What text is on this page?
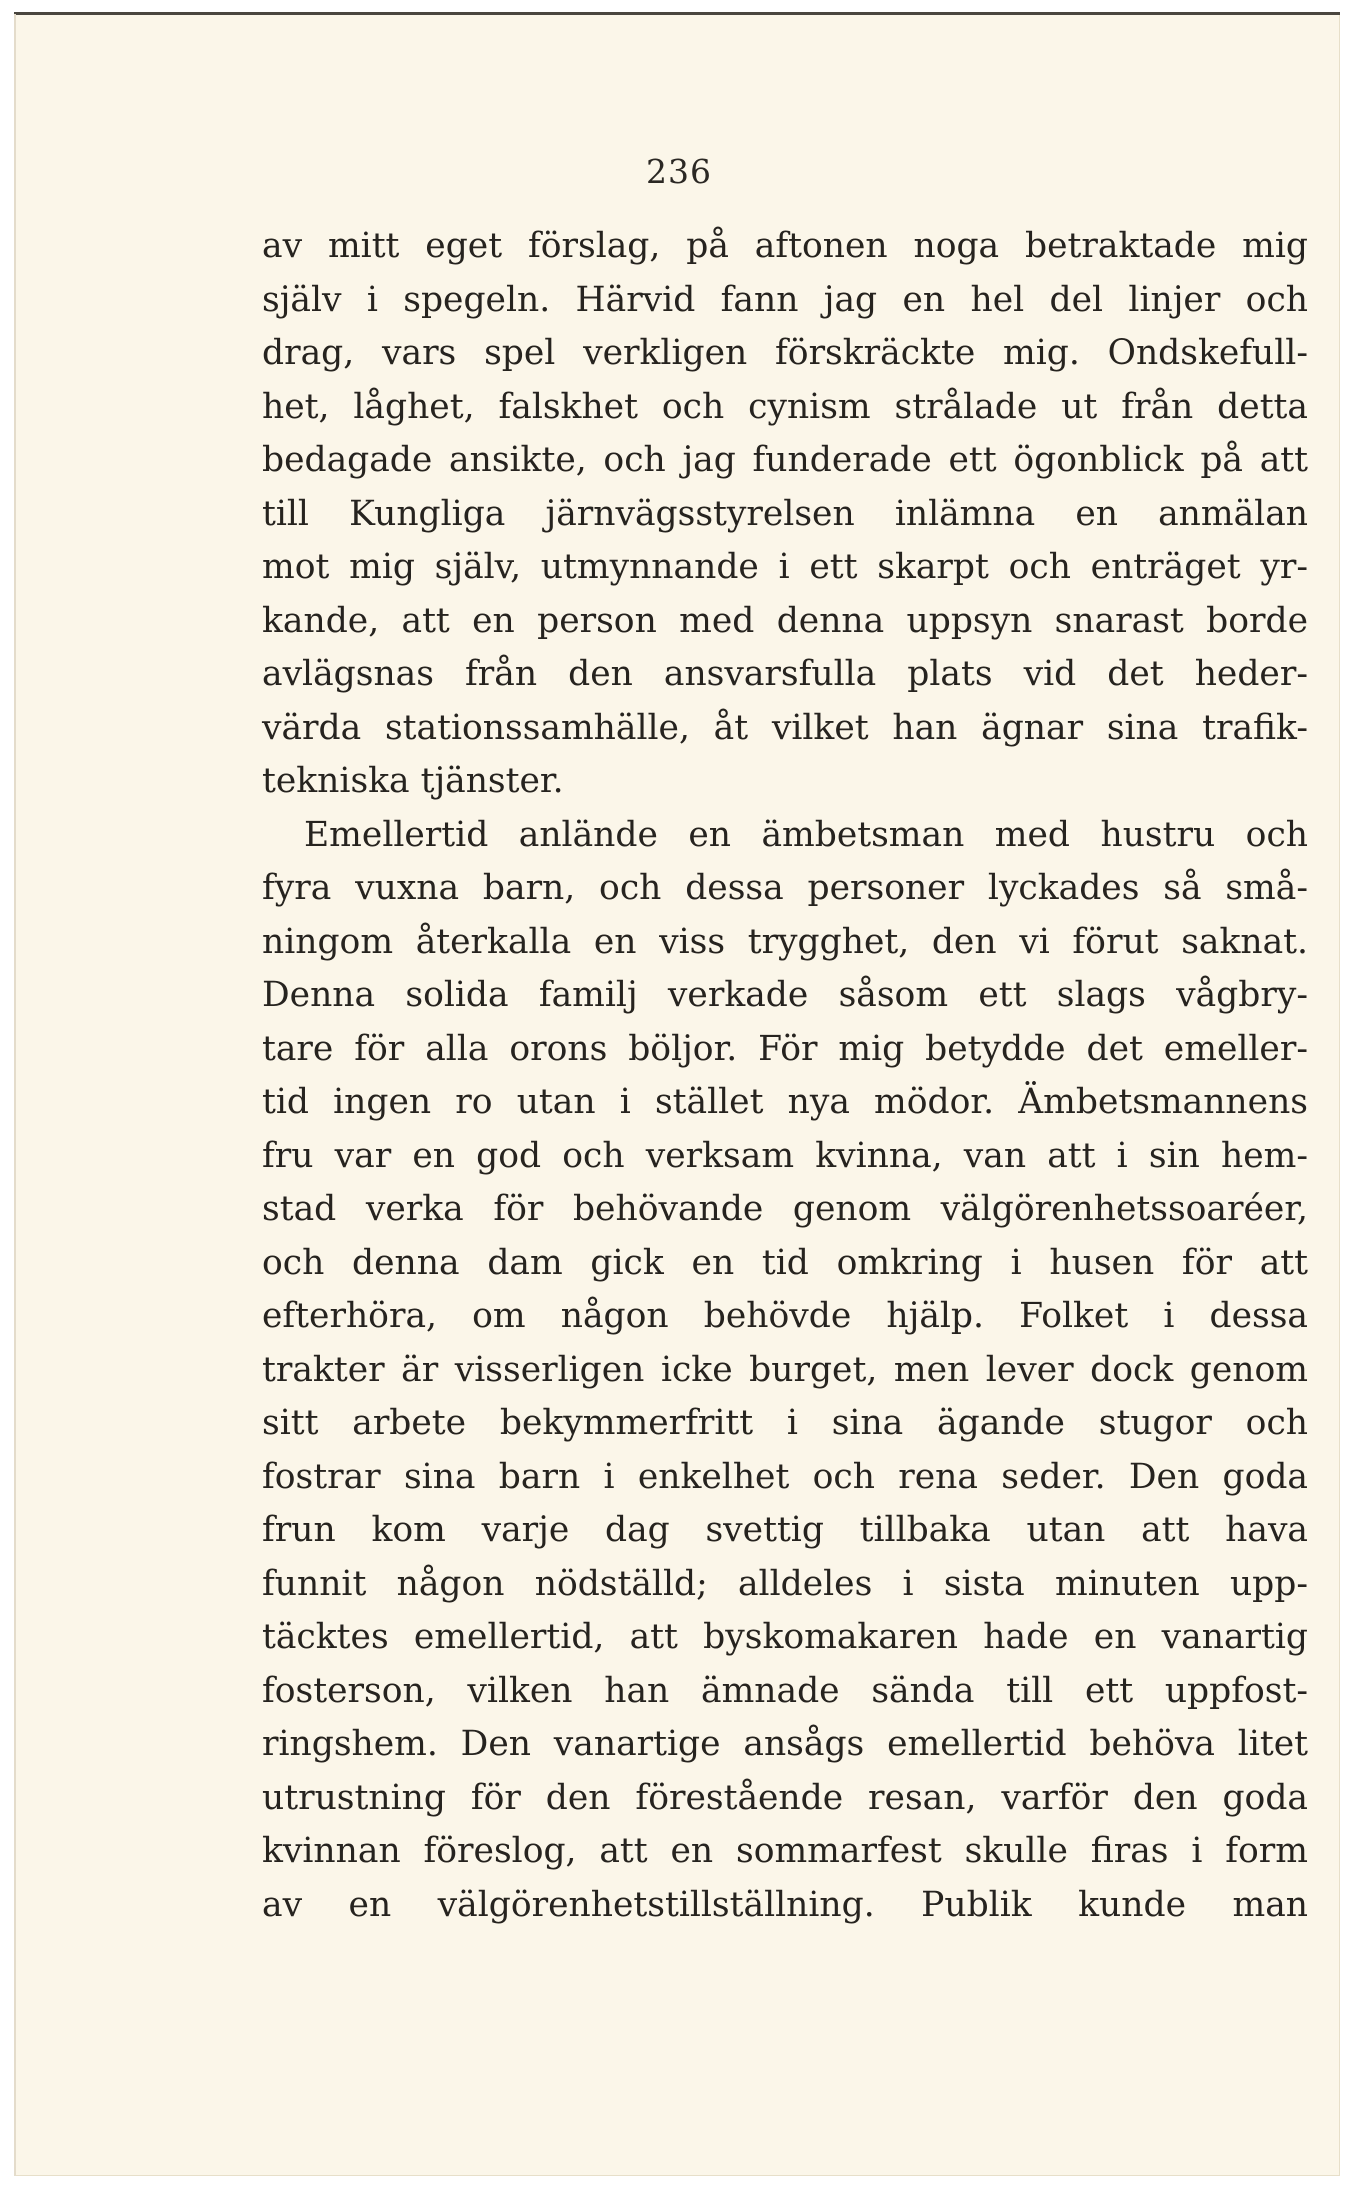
236
av mitt eget förslag, på aftonen noga betraktade mig
själv i spegeln. Härvid fann jag en hel del linjer och
drag, vars spel verkligen förskräckte mig. Ondskefull-
het, låghet, falskhet och cynism strålade ut från detta
bedagade ansikte, och jag funderade ett ögonblick på att
till Kungliga järnvägsstyrelsen inlämna en anmälan
mot mig själv, utmynnande i ett skarpt och enträget yr-
kande, att en person med denna uppsyn snarast borde
avlägsnas från den ansvarsfulla plats vid det heder-
värda stationssamhälle, åt vilket han ägnar sina trafik-
tekniska tjänster.
Emellertid anlände en ämbetsman med hustru och
fyra vuxna barn, och dessa personer lyckades så små-
ningom återkalla en viss trygghet, den vi förut saknat.
Denna solida familj verkade såsom ett slags vågbry-
tare för alla orons böljor. För mig betydde det emeller-
tid ingen ro utan i stället nya mödor. Ämbetsmannens
fru var en god och verksam kvinna, van att i sin hem-
stad verka för behövande genom välgörenhetssoaréer,
och denna dam gick en tid omkring i husen för att
efterhöra, om någon behövde hjälp. Folket i dessa
trakter är visserligen icke burget, men lever dock genom
sitt arbete bekymmerfritt i sina ägande stugor och
fostrar sina barn i enkelhet och rena seder. Den goda
frun kom varje dag svettig tillbaka utan att hava
funnit någon nödställd; alldeles i sista minuten upp-
täcktes emellertid, att byskomakaren hade en vanartig
fosterson, vilken han ämnade sända till ett uppfost-
ringshem. Den vanartige ansågs emellertid behöva litet
utrustning för den förestående resan, varför den goda
kvinnan föreslog, att en sommarfest skulle firas i form
av en välgörenhetstillställning. Publik kunde man
